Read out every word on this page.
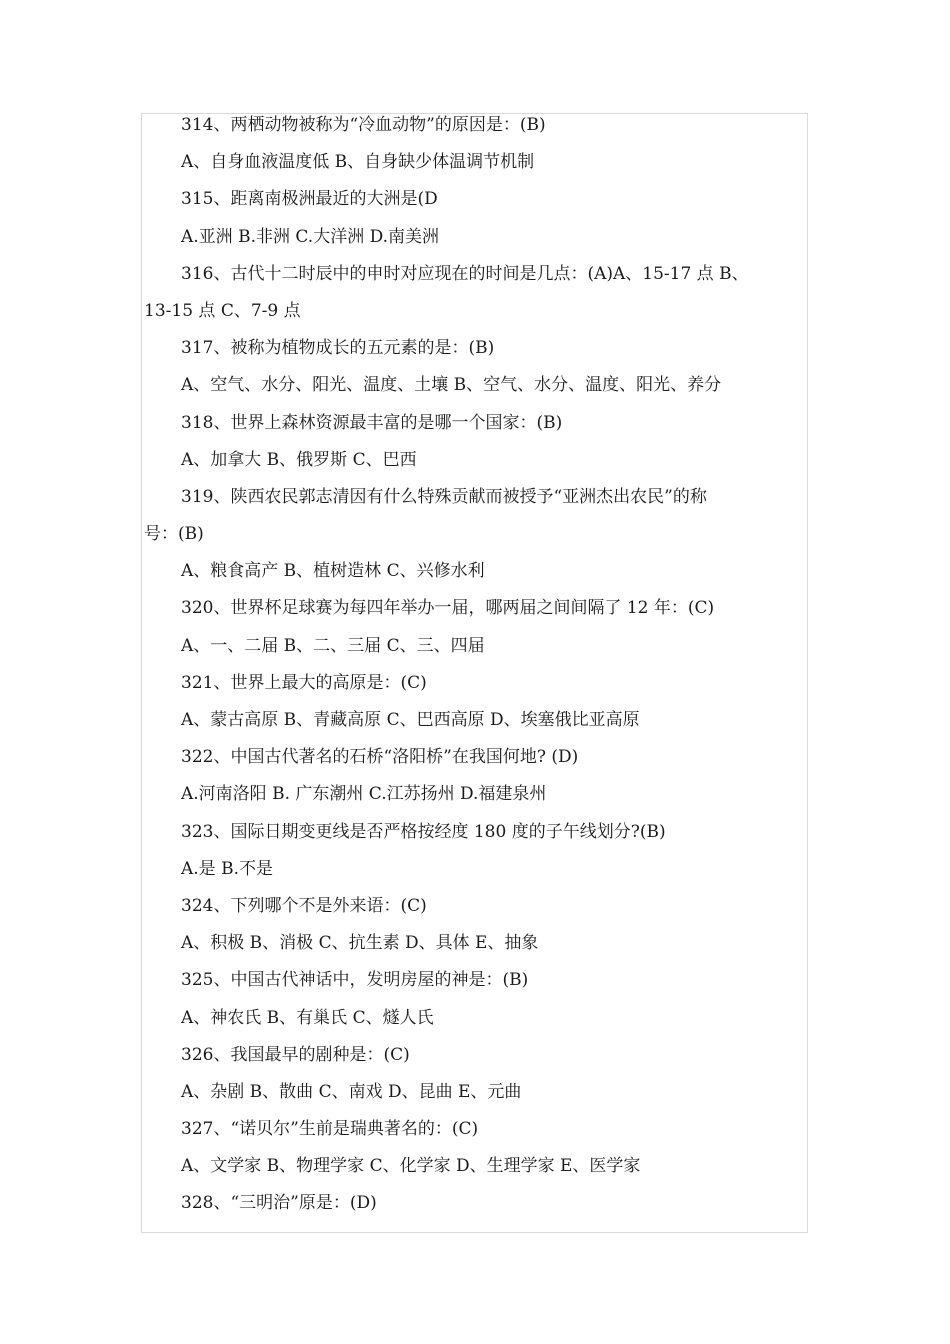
314、两栖动物被称为“冷血动物”的原因是：(B)
A、自身血液温度低 B、自身缺少体温调节机制
315、距离南极洲最近的大洲是(D
A.亚洲 B.非洲 C.大洋洲 D.南美洲
316、古代十二时辰中的申时对应现在的时间是几点：(A)A、15-17 点 B、
13-15 点 C、7-9 点
317、被称为植物成长的五元素的是：(B)
A、空气、水分、阳光、温度、土壤 B、空气、水分、温度、阳光、养分
318、世界上森林资源最丰富的是哪一个国家：(B)
A、加拿大 B、俄罗斯 C、巴西
319、陕西农民郭志清因有什么特殊贡献而被授予“亚洲杰出农民”的称
号：(B)
A、粮食高产 B、植树造林 C、兴修水利
320、世界杯足球赛为每四年举办一届，哪两届之间间隔了 12 年：(C)
A、一、二届 B、二、三届 C、三、四届
321、世界上最大的高原是：(C)
A、蒙古高原 B、青藏高原 C、巴西高原 D、埃塞俄比亚高原
322、中国古代著名的石桥“洛阳桥”在我国何地? (D)
A.河南洛阳 B. 广东潮州 C.江苏扬州 D.福建泉州
323、国际日期变更线是否严格按经度 180 度的子午线划分?(B)
A.是 B.不是
324、下列哪个不是外来语：(C)
A、积极 B、消极 C、抗生素 D、具体 E、抽象
325、中国古代神话中，发明房屋的神是：(B)
A、神农氏 B、有巢氏 C、燧人氏
326、我国最早的剧种是：(C)
A、杂剧 B、散曲 C、南戏 D、昆曲 E、元曲
327、“诺贝尔”生前是瑞典著名的：(C)
A、文学家 B、物理学家 C、化学家 D、生理学家 E、医学家
328、“三明治”原是：(D)
